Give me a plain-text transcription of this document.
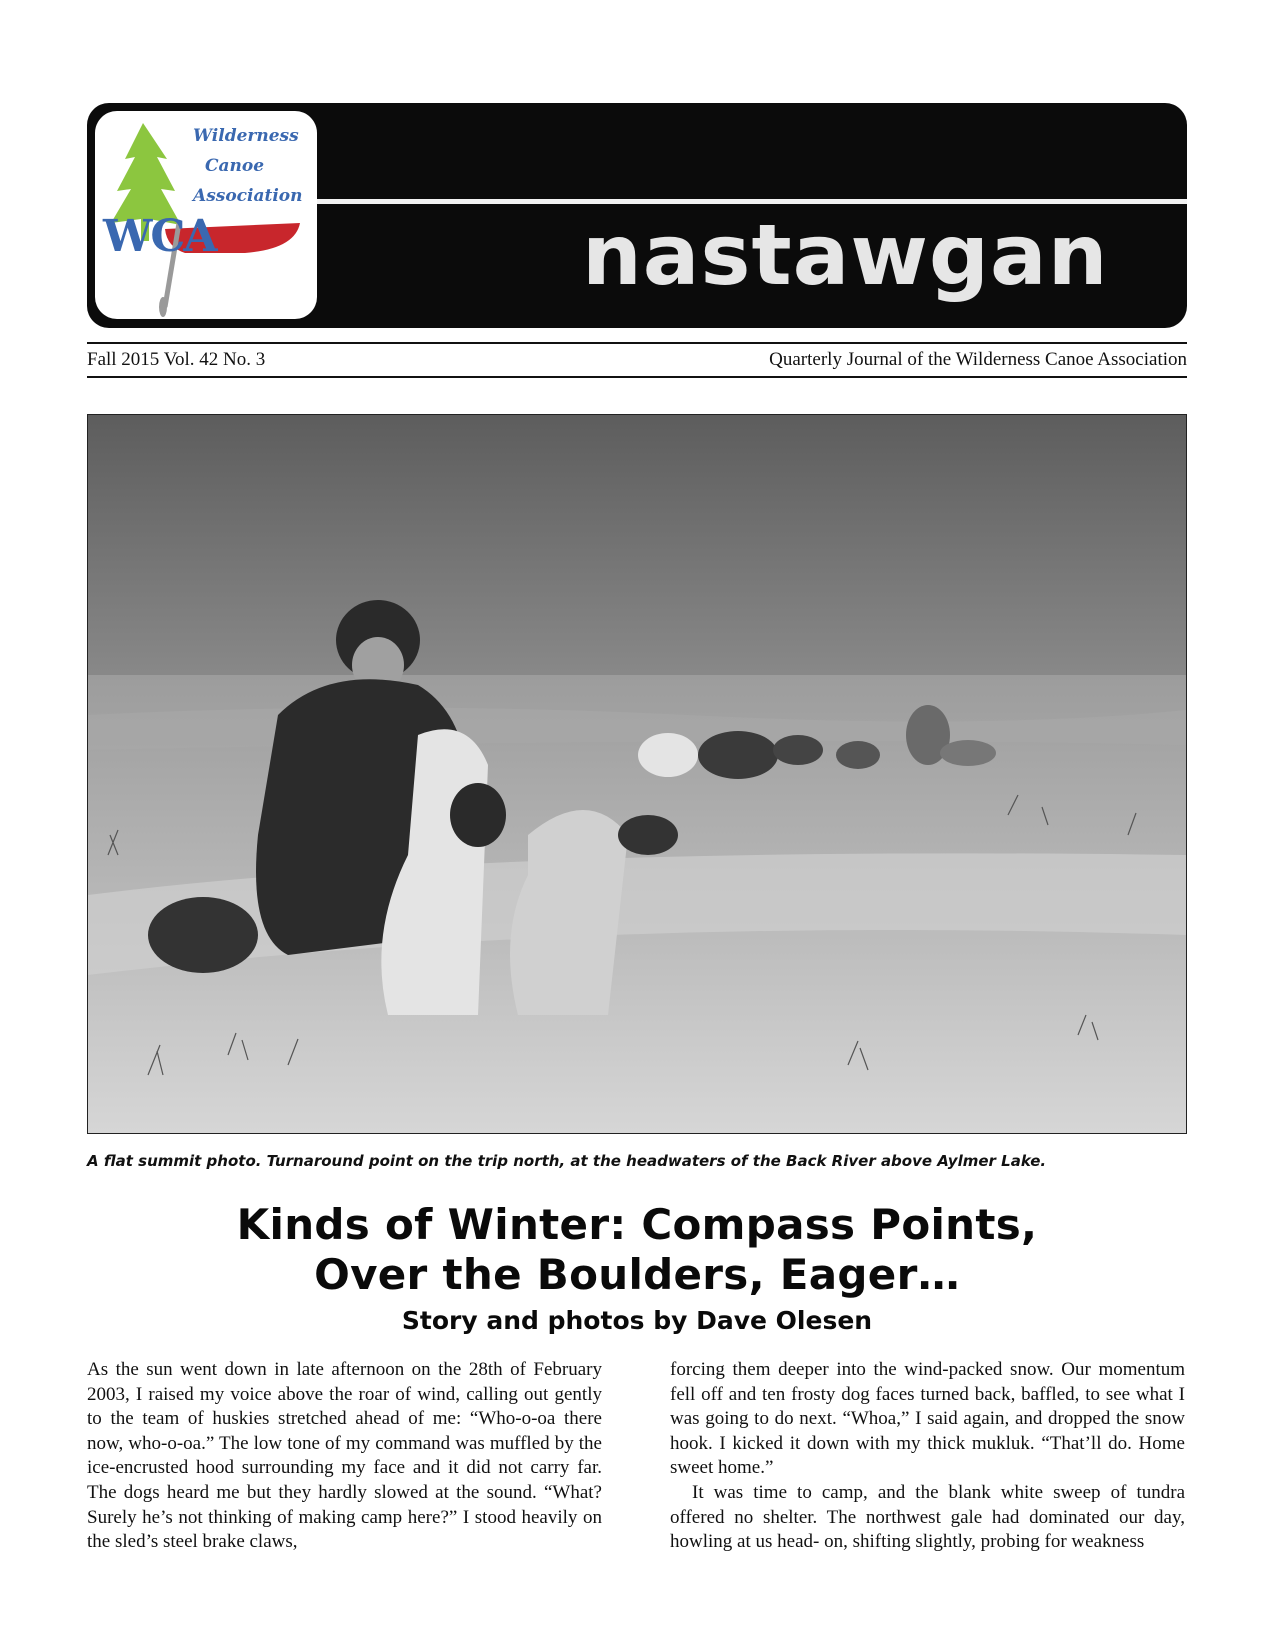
Wilderness
Canoe
Association
WCA	nastawgan
Fall 2015 Vol. 42 No. 3	Quarterly Journal of the Wilderness Canoe Association
A flat summit photo. Turnaround point on the trip north, at the headwaters of the Back River above Aylmer Lake.
Kinds of Winter: Compass Points,
Over the Boulders, Eager…
Story and photos by Dave Olesen

As the sun went down in late afternoon on the 28th of February 2003, I raised my voice above the roar of wind, calling out gently to the team of huskies stretched ahead of me: “Who-o-oa there now, who-o-oa.” The low tone of my command was muffled by the ice-encrusted hood surrounding my face and it did not carry far. The dogs heard me but they hardly slowed at the sound. “What? Surely he’s not thinking of making camp here?” I stood heavily on the sled’s steel brake claws,

forcing them deeper into the wind-packed snow. Our momentum fell off and ten frosty dog faces turned back, baffled, to see what I was going to do next. “Whoa,” I said again, and dropped the snow hook. I kicked it down with my thick mukluk. “That’ll do. Home sweet home.”

It was time to camp, and the blank white sweep of tundra offered no shelter. The northwest gale had dominated our day, howling at us head- on, shifting slightly, probing for weakness
